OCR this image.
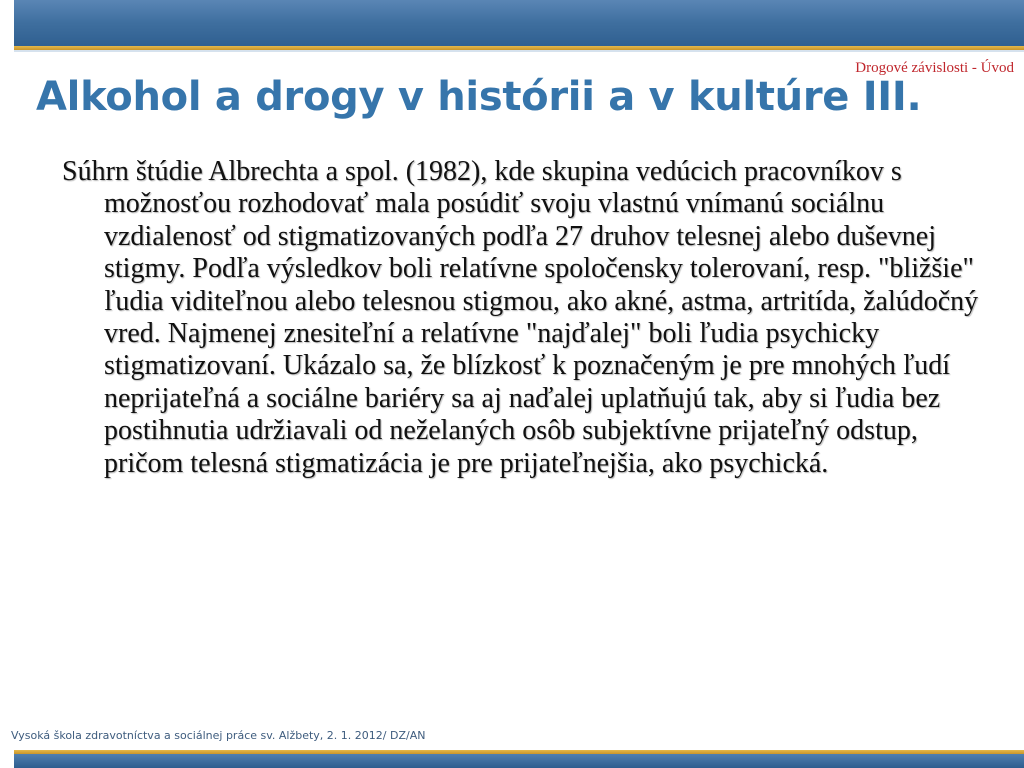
Drogové závislosti - Úvod
Alkohol a drogy v histórii a v kultúre III.

Súhrn štúdie Albrechta a spol. (1982), kde skupina vedúcich pracovníkov s možnosťou rozhodovať mala posúdiť svoju vlastnú vnímanú sociálnu vzdialenosť od stigmatizovaných podľa 27 druhov telesnej alebo duševnej stigmy. Podľa výsledkov boli relatívne spoločensky tolerovaní, resp. "bližšie" ľudia viditeľnou alebo telesnou stigmou, ako akné, astma, artritída, žalúdočný vred. Najmenej znesiteľní a relatívne "najďalej" boli ľudia psychicky stigmatizovaní. Ukázalo sa, že blízkosť k poznačeným je pre mnohých ľudí neprijateľná a sociálne bariéry sa aj naďalej uplatňujú tak, aby si ľudia bez postihnutia udržiavali od neželaných osôb subjektívne prijateľný odstup, pričom telesná stigmatizácia je pre prijateľnejšia, ako psychická.

Vysoká škola zdravotníctva a sociálnej práce sv. Alžbety, 2. 1. 2012/ DZ/AN
